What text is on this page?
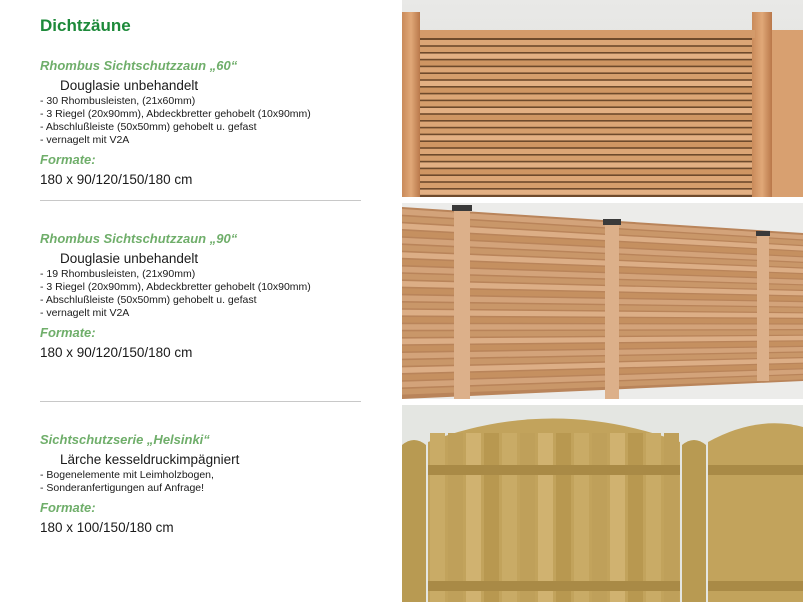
Dichtzäune
Rhombus Sichtschutzzaun „60“
Douglasie unbehandelt
- 30 Rhombusleisten, (21x60mm)
- 3 Riegel (20x90mm), Abdeckbretter gehobelt (10x90mm)
- Abschlußleiste (50x50mm) gehobelt u. gefast
- vernagelt mit V2A
Formate:
180 x 90/120/150/180 cm
Rhombus Sichtschutzzaun „90“
Douglasie unbehandelt
- 19 Rhombusleisten, (21x90mm)
- 3 Riegel (20x90mm), Abdeckbretter gehobelt (10x90mm)
- Abschlußleiste (50x50mm) gehobelt u. gefast
- vernagelt mit V2A
Formate:
180 x 90/120/150/180 cm
Sichtschutzserie „Helsinki“
Lärche kesseldruckimpägniert
- Bogenelemente mit Leimholzbogen,
- Sonderanfertigungen auf Anfrage!
Formate:
180 x 100/150/180 cm
